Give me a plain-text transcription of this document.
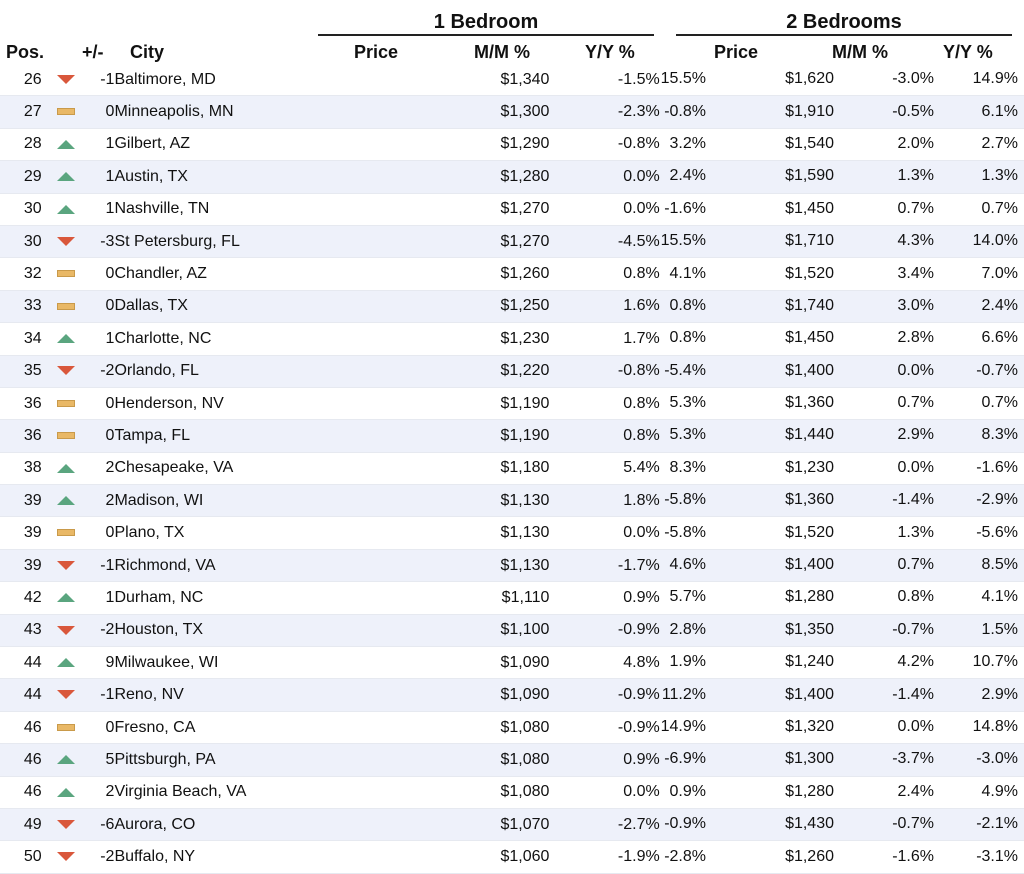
1 Bedroom	2 Bedrooms
Pos. +/- City	Price	M/M %	Y/Y %	Price	M/M %	Y/Y %
26		-1	Baltimore, MD		$1,340	-1.5%	15.5% $1,620 -3.0% 14.9%

27		0	Minneapolis, MN		$1,300	-2.3%	-0.8% $1,910 -0.5% 6.1%

28		1	Gilbert, AZ		$1,290	-0.8%	3.2% $1,540 2.0% 2.7%

29		1	Austin, TX		$1,280	0.0%	2.4% $1,590 1.3% 1.3%

30		1	Nashville, TN		$1,270	0.0%	-1.6% $1,450 0.7% 0.7%

30		-3	St Petersburg, FL		$1,270	-4.5%	15.5% $1,710 4.3% 14.0%

32		0	Chandler, AZ		$1,260	0.8%	4.1% $1,520 3.4% 7.0%

33		0	Dallas, TX		$1,250	1.6%	0.8% $1,740 3.0% 2.4%

34		1	Charlotte, NC		$1,230	1.7%	0.8% $1,450 2.8% 6.6%

35		-2	Orlando, FL		$1,220	-0.8%	-5.4% $1,400 0.0% -0.7%

36		0	Henderson, NV		$1,190	0.8%	5.3% $1,360 0.7% 0.7%

36		0	Tampa, FL		$1,190	0.8%	5.3% $1,440 2.9% 8.3%

38		2	Chesapeake, VA		$1,180	5.4%	8.3% $1,230 0.0% -1.6%

39		2	Madison, WI		$1,130	1.8%	-5.8% $1,360 -1.4% -2.9%

39		0	Plano, TX		$1,130	0.0%	-5.8% $1,520 1.3% -5.6%

39		-1	Richmond, VA		$1,130	-1.7%	4.6% $1,400 0.7% 8.5%

42		1	Durham, NC		$1,110	0.9%	5.7% $1,280 0.8% 4.1%

43		-2	Houston, TX		$1,100	-0.9%	2.8% $1,350 -0.7% 1.5%

44		9	Milwaukee, WI		$1,090	4.8%	1.9% $1,240 4.2% 10.7%

44		-1	Reno, NV		$1,090	-0.9%	11.2% $1,400 -1.4% 2.9%

46		0	Fresno, CA		$1,080	-0.9%	14.9% $1,320 0.0% 14.8%

46		5	Pittsburgh, PA		$1,080	0.9%	-6.9% $1,300 -3.7% -3.0%

46		2	Virginia Beach, VA		$1,080	0.0%	0.9% $1,280 2.4% 4.9%

49		-6	Aurora, CO		$1,070	-2.7%	-0.9% $1,430 -0.7% -2.1%

50		-2	Buffalo, NY		$1,060	-1.9%	-2.8% $1,260 -1.6% -3.1%
